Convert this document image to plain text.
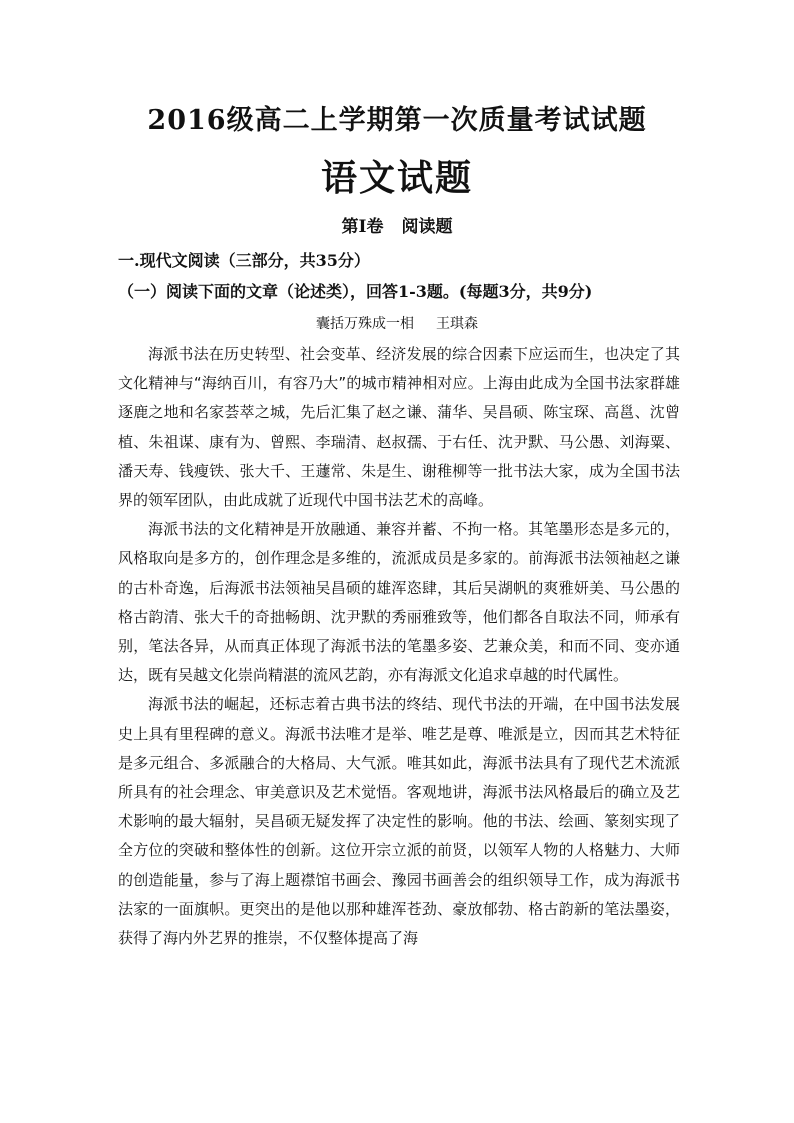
2016级高二上学期第一次质量考试试题
语文试题
第Ⅰ卷 阅读题
一.现代文阅读（三部分，共35分）
（一）阅读下面的文章（论述类），回答1-3题。(每题3分，共9分)
囊括万殊成一相 王琪森

海派书法在历史转型、社会变革、经济发展的综合因素下应运而生，也决定了其文化精神与“海纳百川，有容乃大”的城市精神相对应。上海由此成为全国书法家群雄逐鹿之地和名家荟萃之城，先后汇集了赵之谦、蒲华、吴昌硕、陈宝琛、高邕、沈曾植、朱祖谋、康有为、曾熙、李瑞清、赵叔孺、于右任、沈尹默、马公愚、刘海粟、潘天寿、钱瘦铁、张大千、王蘧常、朱是生、谢稚柳等一批书法大家，成为全国书法界的领军团队，由此成就了近现代中国书法艺术的高峰。

海派书法的文化精神是开放融通、兼容并蓄、不拘一格。其笔墨形态是多元的，风格取向是多方的，创作理念是多维的，流派成员是多家的。前海派书法领袖赵之谦的古朴奇逸，后海派书法领袖吴昌硕的雄浑恣肆，其后吴湖帆的爽雅妍美、马公愚的格古韵清、张大千的奇拙畅朗、沈尹默的秀丽雅致等，他们都各自取法不同，师承有别，笔法各异，从而真正体现了海派书法的笔墨多姿、艺兼众美，和而不同、变亦通达，既有吴越文化崇尚精湛的流风艺韵，亦有海派文化追求卓越的时代属性。

海派书法的崛起，还标志着古典书法的终结、现代书法的开端，在中国书法发展史上具有里程碑的意义。海派书法唯才是举、唯艺是尊、唯派是立，因而其艺术特征是多元组合、多派融合的大格局、大气派。唯其如此，海派书法具有了现代艺术流派所具有的社会理念、审美意识及艺术觉悟。客观地讲，海派书法风格最后的确立及艺术影响的最大辐射，吴昌硕无疑发挥了决定性的影响。他的书法、绘画、篆刻实现了全方位的突破和整体性的创新。这位开宗立派的前贤，以领军人物的人格魅力、大师的创造能量，参与了海上题襟馆书画会、豫园书画善会的组织领导工作，成为海派书法家的一面旗帜。更突出的是他以那种雄浑苍劲、豪放郁勃、格古韵新的笔法墨姿，获得了海内外艺界的推崇，不仅整体提高了海
